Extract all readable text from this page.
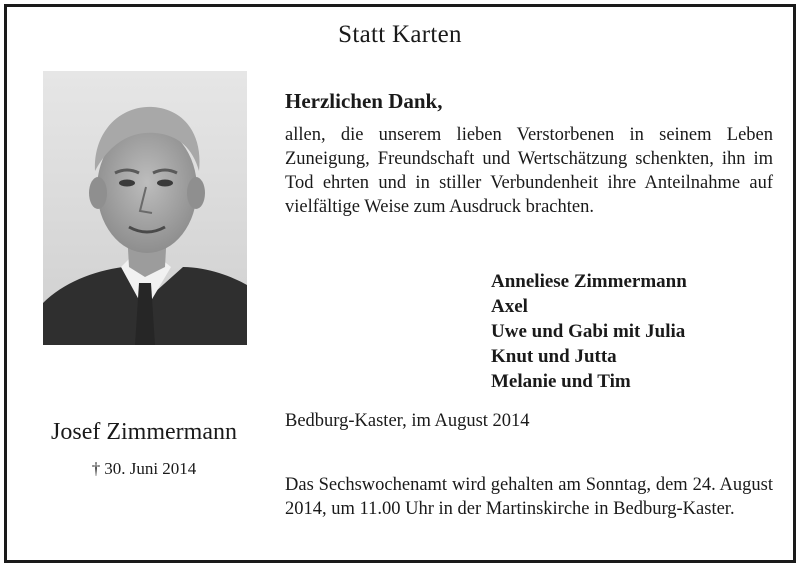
Statt Karten
Josef Zimmermann
† 30. Juni 2014
Herzlichen Dank,

allen, die unserem lieben Verstorbenen in seinem Leben Zuneigung, Freundschaft und Wertschätzung schenkten, ihn im Tod ehrten und in stiller Verbundenheit ihre Anteilnahme auf vielfältige Weise zum Ausdruck brachten.

Anneliese Zimmermann
Axel
Uwe und Gabi mit Julia
Knut und Jutta
Melanie und Tim
Bedburg-Kaster, im August 2014

Das Sechswochenamt wird gehalten am Sonntag, dem 24. August 2014, um 11.00 Uhr in der Martinskirche in Bedburg-Kaster.
